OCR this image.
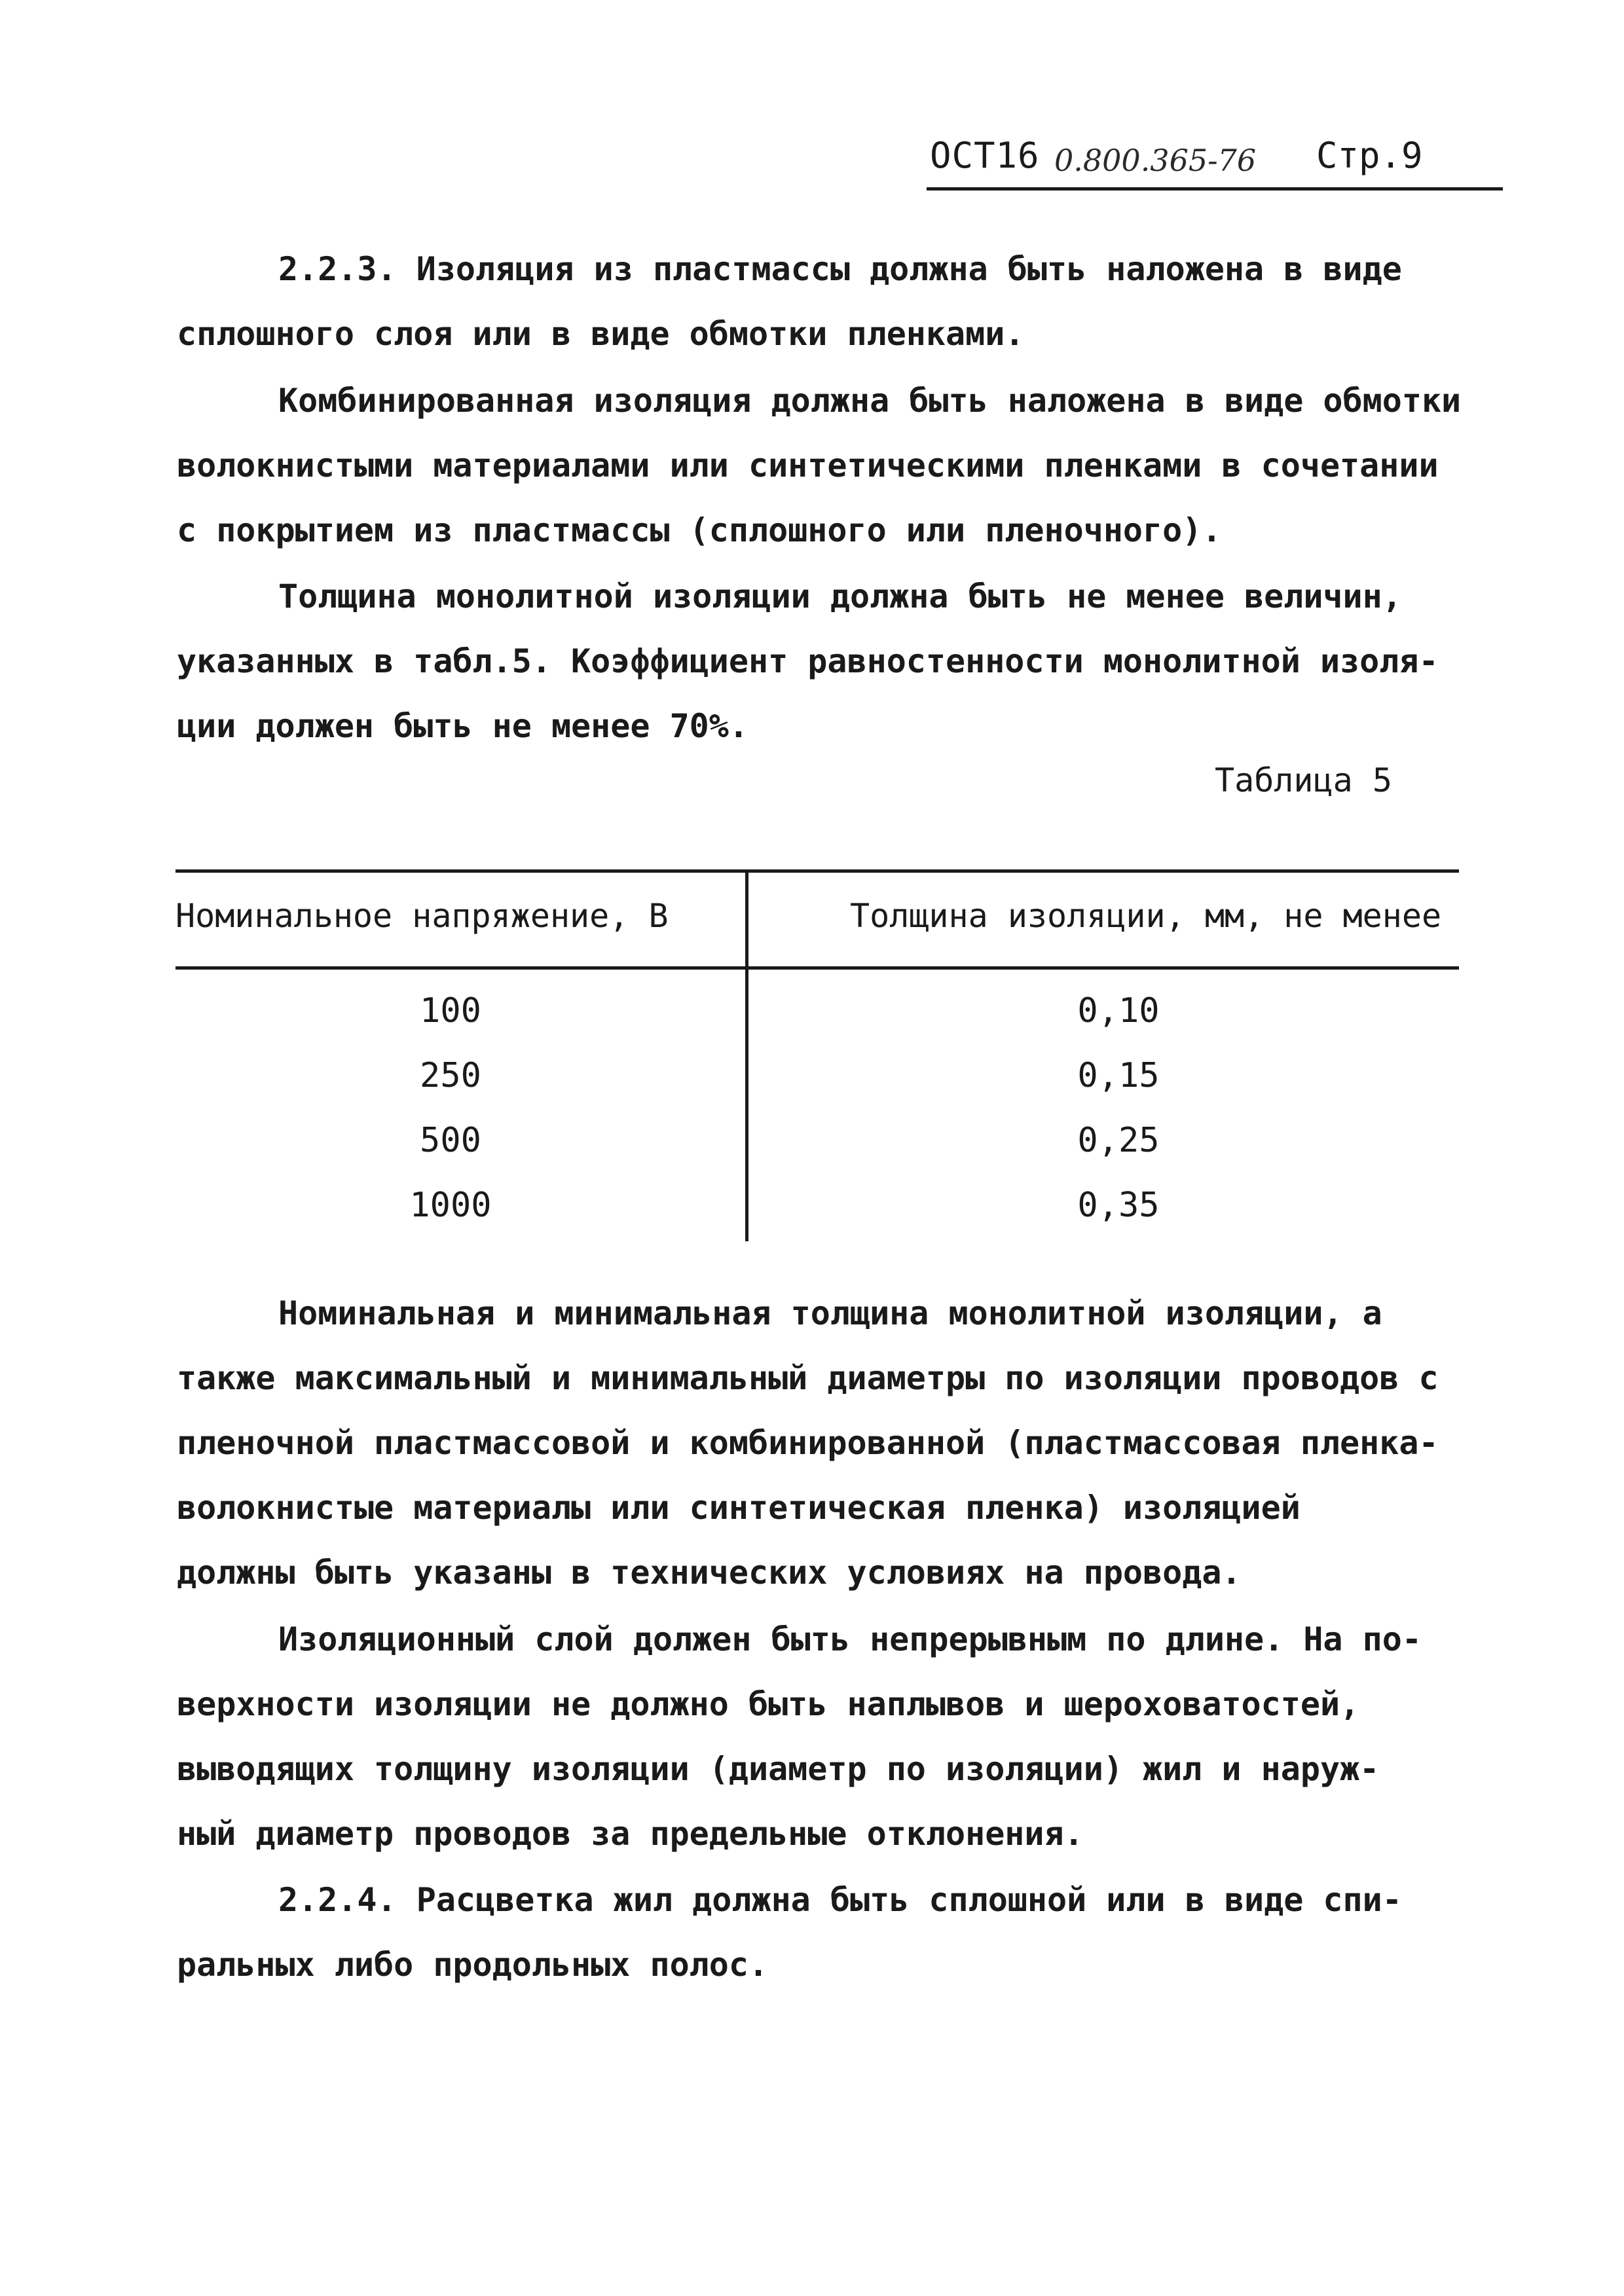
ОСТ16 0.800.365-76 Стр.9
2.2.3. Изоляция из пластмассы должна быть наложена в виде
сплошного слоя или в виде обмотки пленками.
Комбинированная изоляция должна быть наложена в виде обмотки
волокнистыми материалами или синтетическими пленками в сочетании
с покрытием из пластмассы (сплошного или пленочного).
Толщина монолитной изоляции должна быть не менее величин,
указанных в табл.5. Коэффициент равностенности монолитной изоля-
ции должен быть не менее 70%.
Таблица 5
Номинальное напряжение, В	Толщина изоляции, мм, не менее
100	0,10
250	0,15
500	0,25
1000	0,35
Номинальная и минимальная толщина монолитной изоляции, а
также максимальный и минимальный диаметры по изоляции проводов с
пленочной пластмассовой и комбинированной (пластмассовая пленка-
волокнистые материалы или синтетическая пленка) изоляцией
должны быть указаны в технических условиях на провода.
Изоляционный слой должен быть непрерывным по длине. На по-
верхности изоляции не должно быть наплывов и шероховатостей,
выводящих толщину изоляции (диаметр по изоляции) жил и наруж-
ный диаметр проводов за предельные отклонения.
2.2.4. Расцветка жил должна быть сплошной или в виде спи-
ральных либо продольных полос.
